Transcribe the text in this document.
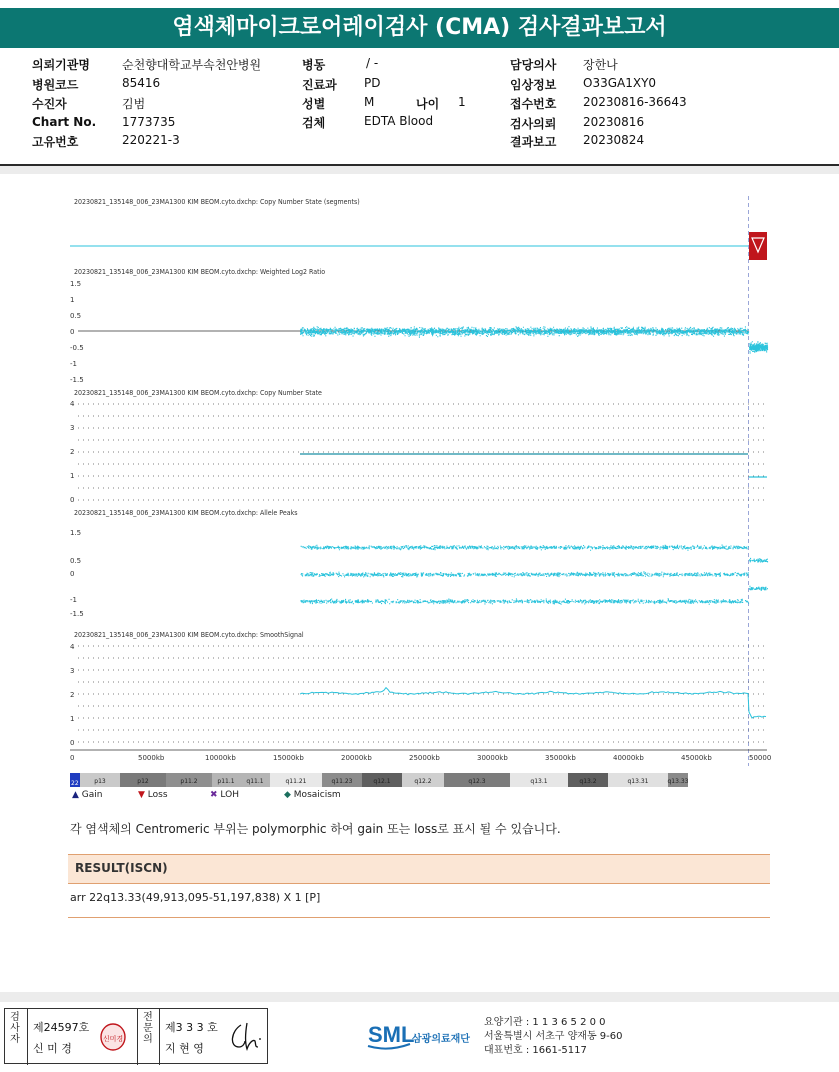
염색체마이크로어레이검사 (CMA) 검사결과보고서
의뢰기관명	순천향대학교부속천안병원
병원코드	85416
수진자	김범
Chart No. 1773735
고유번호	220221-3
병동	/ -
진료과 PD
성별	M	나이 1
검체	EDTA Blood
담당의사 장한나
임상정보 O33GA1XY0
접수번호 20230816-36643
검사의뢰 20230816
결과보고 20230824
20230821_135148_006_23MA1300 KIM BEOM.cyto.dxchp: Copy Number State (segments)
20230821_135148_006_23MA1300 KIM BEOM.cyto.dxchp: Weighted Log2 Ratio
20230821_135148_006_23MA1300 KIM BEOM.cyto.dxchp: Copy Number State
20230821_135148_006_23MA1300 KIM BEOM.cyto.dxchp: Allele Peaks
20230821_135148_006_23MA1300 KIM BEOM.cyto.dxchp: SmoothSignal
1.5
1
0.5
0
-0.5
-1
-1.5
4
3
2
1
0
1.5
0.5
0
-1
-1.5
4
3
2
1
0
0	5000kb	10000kb	15000kb	20000kb	25000kb	30000kb	35000kb	40000kb	45000kb	50000
22	p13	p12	p11.2	p11.1 q11.1	q11.21	q11.23	q12.1	q12.2	q12.3	q13.1	q13.2	q13.31	q13.33
▲ Gain	▼ Loss	✖ LOH	◆ Mosaicism
각 염색체의 Centromeric 부위는 polymorphic 하여 gain 또는 loss로 표시 될 수 있습니다.
RESULT(ISCN)
arr 22q13.33(49,913,095-51,197,838) X 1 [P]
검사자
제24597호
신 미 경
신미경
전문의
제3 3 3 호
지 현 영
SML
삼광의료재단
요양기관 : 1 1 3 6 5 2 0 0
서울특별시 서초구 양재동 9-60
대표번호 : 1661-5117
